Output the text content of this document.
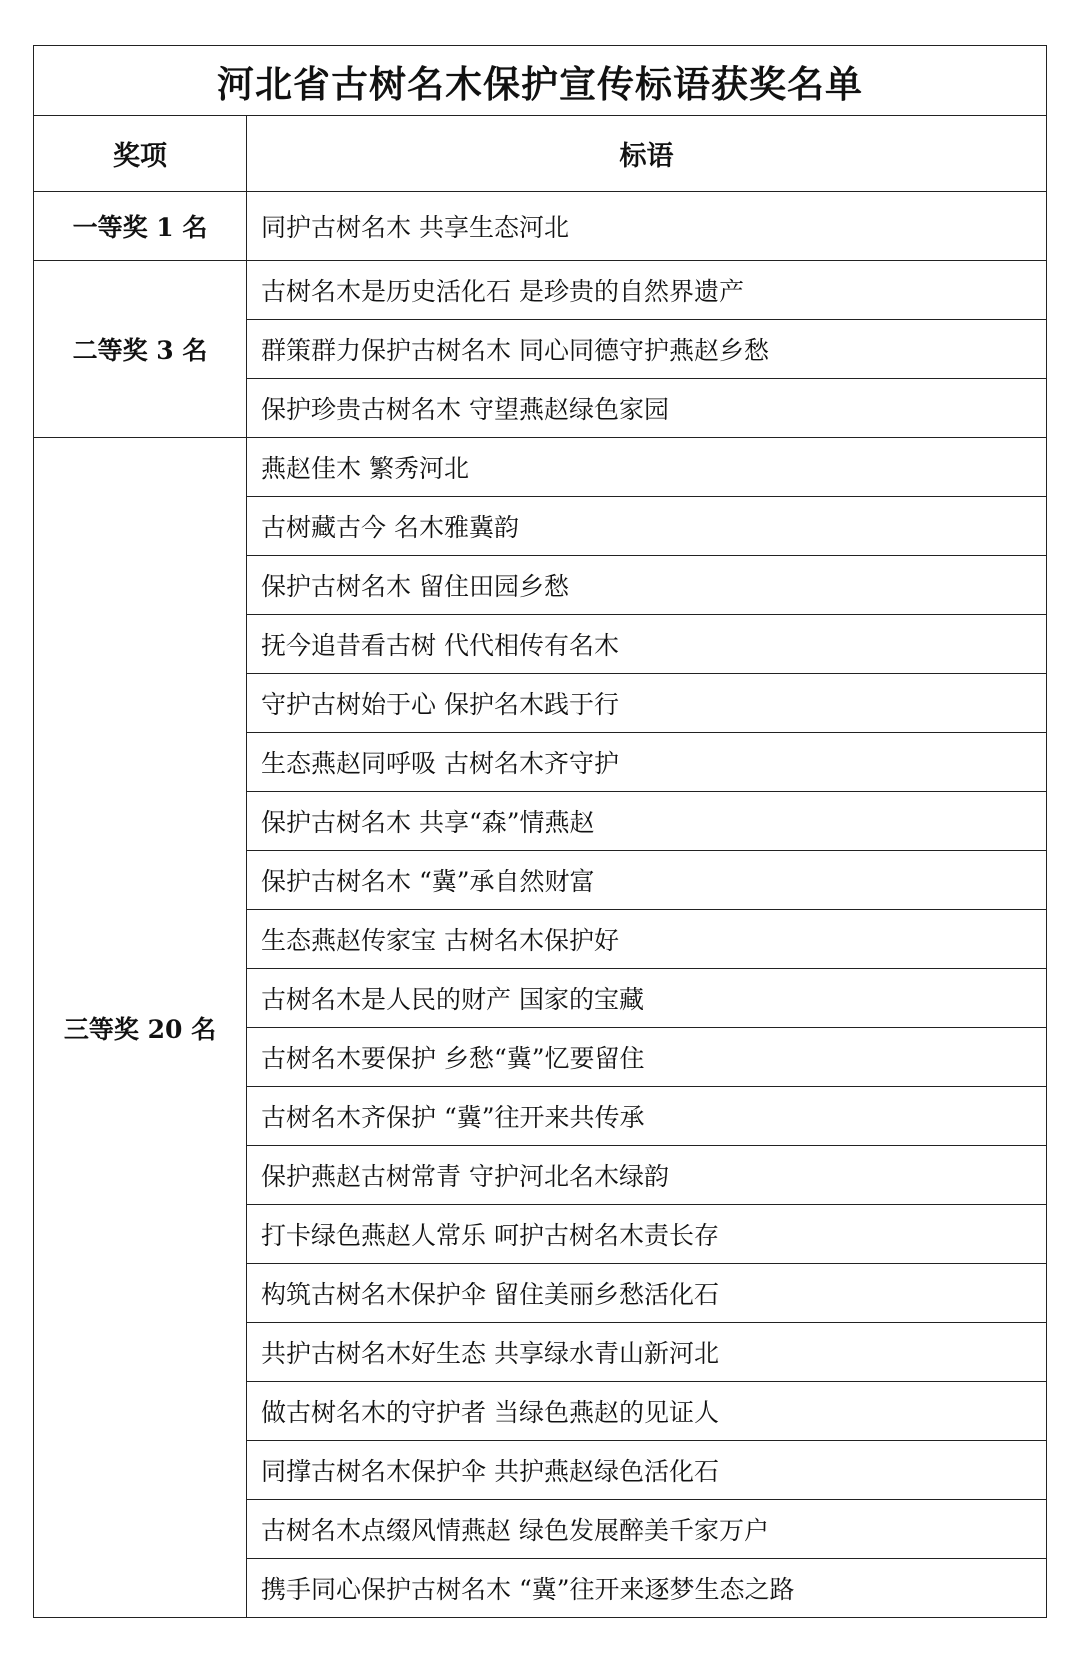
河北省古树名木保护宣传标语获奖名单	
奖项	标语
一等奖 1 名	同护古树名木 共享生态河北
二等奖 3 名	古树名木是历史活化石 是珍贵的自然界遗产
	群策群力保护古树名木 同心同德守护燕赵乡愁
	保护珍贵古树名木 守望燕赵绿色家园
三等奖 20 名	燕赵佳木 繁秀河北
	古树藏古今 名木雅冀韵
	保护古树名木 留住田园乡愁
	抚今追昔看古树 代代相传有名木
	守护古树始于心 保护名木践于行
	生态燕赵同呼吸 古树名木齐守护
	保护古树名木 共享“森”情燕赵
	保护古树名木 “冀”承自然财富
	生态燕赵传家宝 古树名木保护好
	古树名木是人民的财产 国家的宝藏
	古树名木要保护 乡愁“冀”忆要留住
	古树名木齐保护 “冀”往开来共传承
	保护燕赵古树常青 守护河北名木绿韵
	打卡绿色燕赵人常乐 呵护古树名木责长存
	构筑古树名木保护伞 留住美丽乡愁活化石
	共护古树名木好生态 共享绿水青山新河北
	做古树名木的守护者 当绿色燕赵的见证人
	同撑古树名木保护伞 共护燕赵绿色活化石
	古树名木点缀风情燕赵 绿色发展醉美千家万户
	携手同心保护古树名木 “冀”往开来逐梦生态之路
